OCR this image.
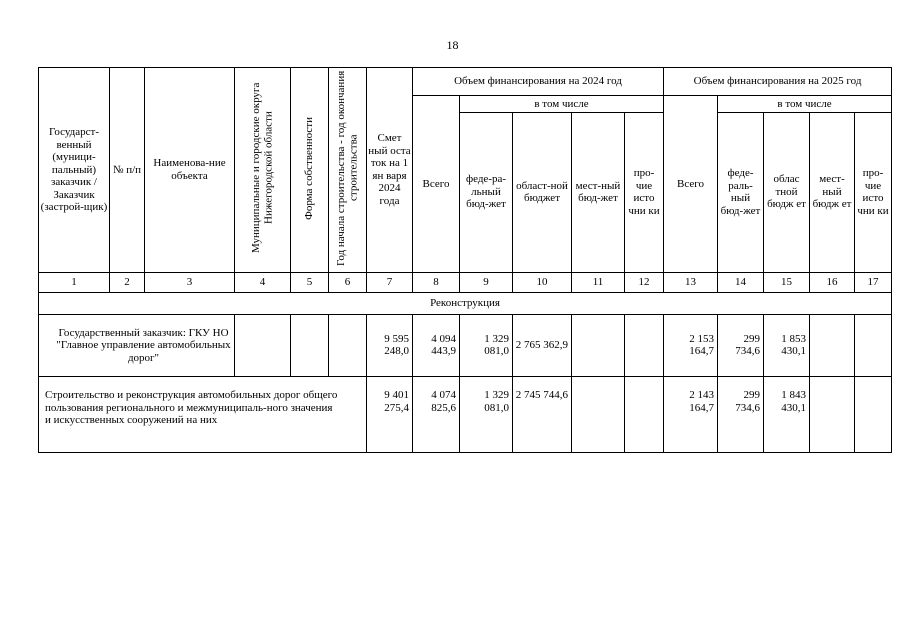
18
Государст-венный (муници-пальный) заказчик / Заказчик (застрой-щик)	№ п/п	Наименова-ние объекта	Муниципальные и городские округа Нижегородской области	Форма собственности	Год начала строительства - год окончания строительства	Смет ный оста ток на 1 ян варя 2024 года	Объем финансирования на 2024 год					Объем финансирования на 2025 год				
							Всего	в том числе				Всего	в том числе			
								феде-ра-льный бюд-жет	област-ной бюджет	мест-ный бюд-жет	про-чие исто чни ки		феде-раль-ный бюд-жет	облас тной бюдж ет	мест-ный бюдж ет	про-чие исто чни ки
1	2	3	4	5	6	7	8	9	10	11	12	13	14	15	16	17
Реконструкция																

Государственный заказчик: ГКУ НО "Главное управление автомобильных дорог"						9 595 248,0	4 094 443,9	1 329 081,0	2 765 362,9			2 153 164,7	299 734,6	1 853 430,1		

Строительство и реконструкция автомобильных дорог общего пользования регионального и межмуниципаль-ного значения и искусственных сооружений на них						9 401 275,4	4 074 825,6	1 329 081,0	2 745 744,6			2 143 164,7	299 734,6	1 843 430,1		
